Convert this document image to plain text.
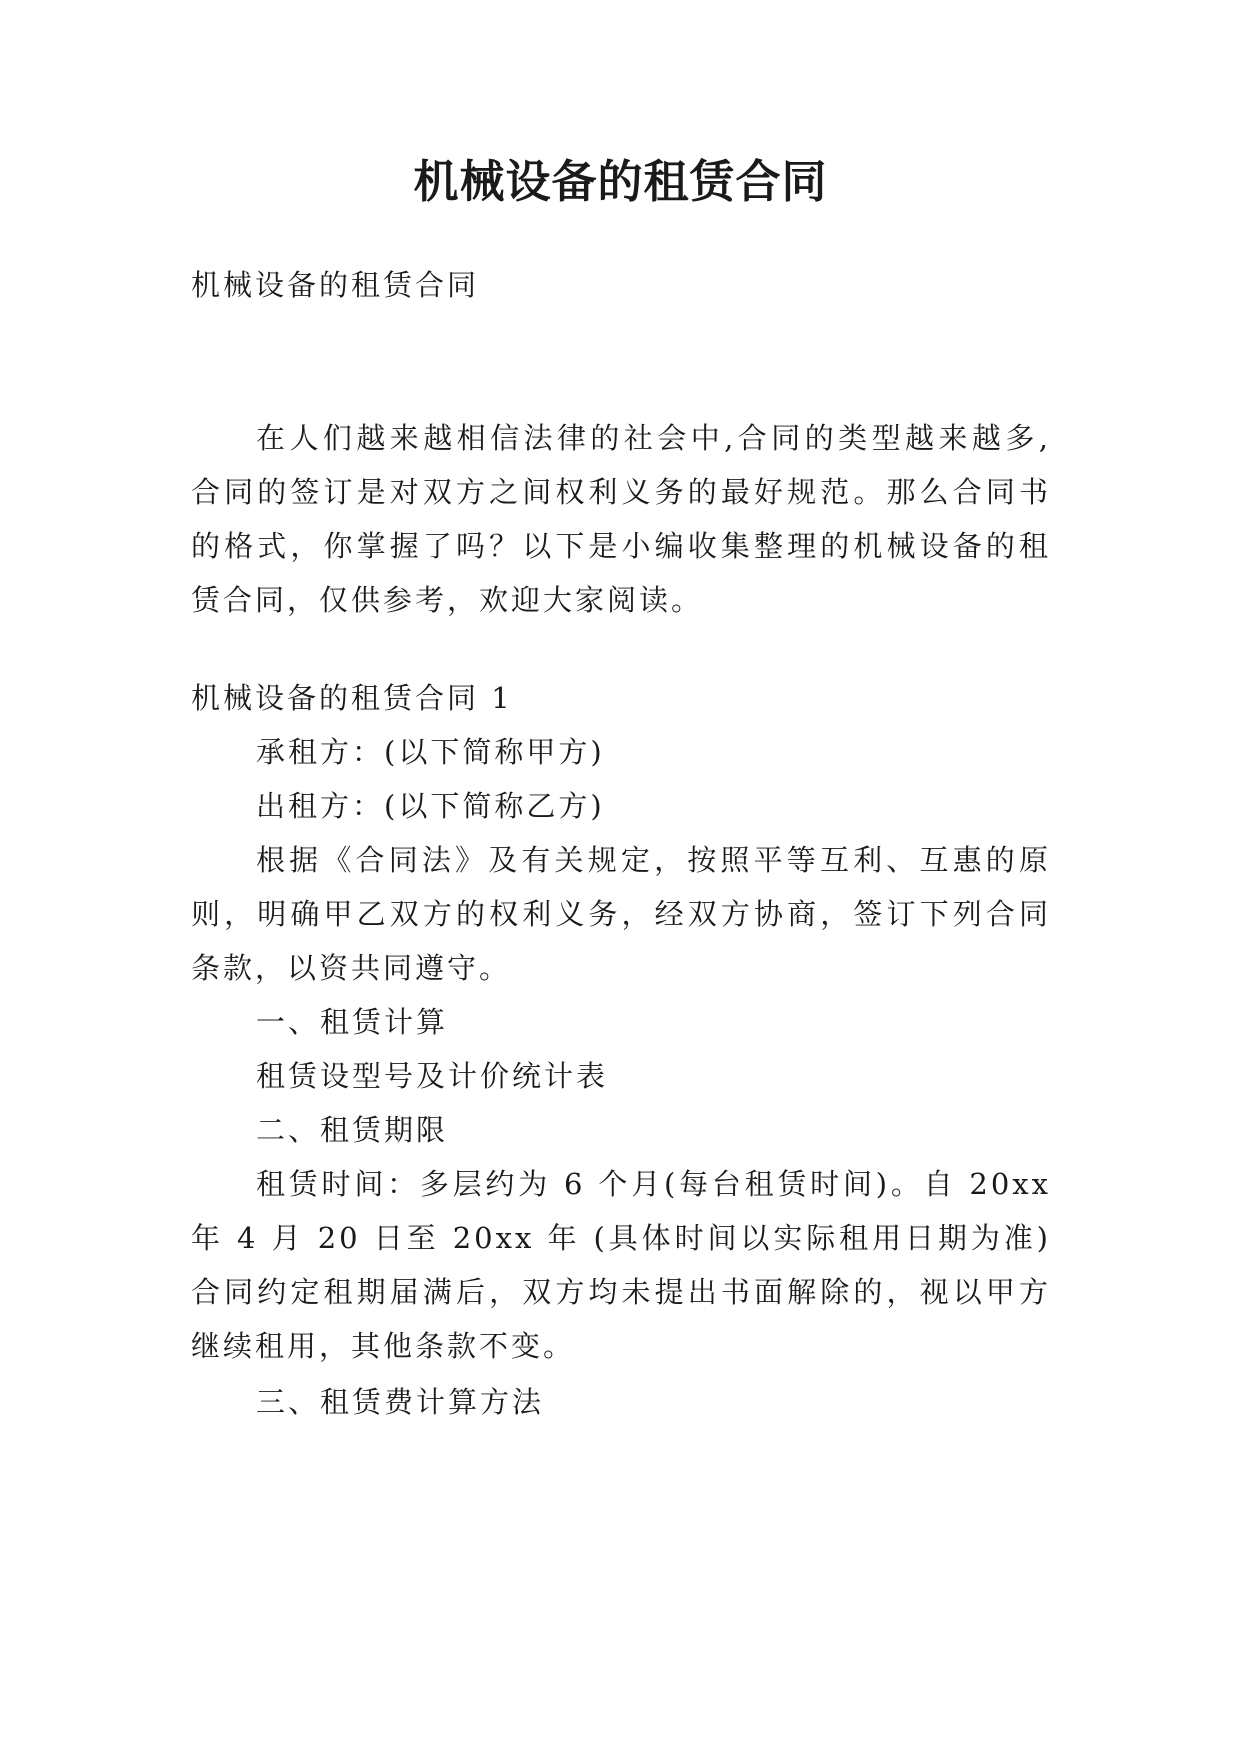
机械设备的租赁合同

机械设备的租赁合同

在人们越来越相信法律的社会中,合同的类型越来越多,

合同的签订是对双方之间权利义务的最好规范。那么合同书

的格式，你掌握了吗？以下是小编收集整理的机械设备的租

赁合同，仅供参考，欢迎大家阅读。

机械设备的租赁合同 1

承租方：(以下简称甲方)

出租方：(以下简称乙方)

根据《合同法》及有关规定，按照平等互利、互惠的原

则，明确甲乙双方的权利义务，经双方协商，签订下列合同

条款，以资共同遵守。

一、租赁计算

租赁设型号及计价统计表

二、租赁期限

租赁时间：多层约为 6 个月(每台租赁时间)。自 20xx

年 4 月 20 日至 20xx 年 (具体时间以实际租用日期为准)

合同约定租期届满后，双方均未提出书面解除的，视以甲方

继续租用，其他条款不变。

三、租赁费计算方法
